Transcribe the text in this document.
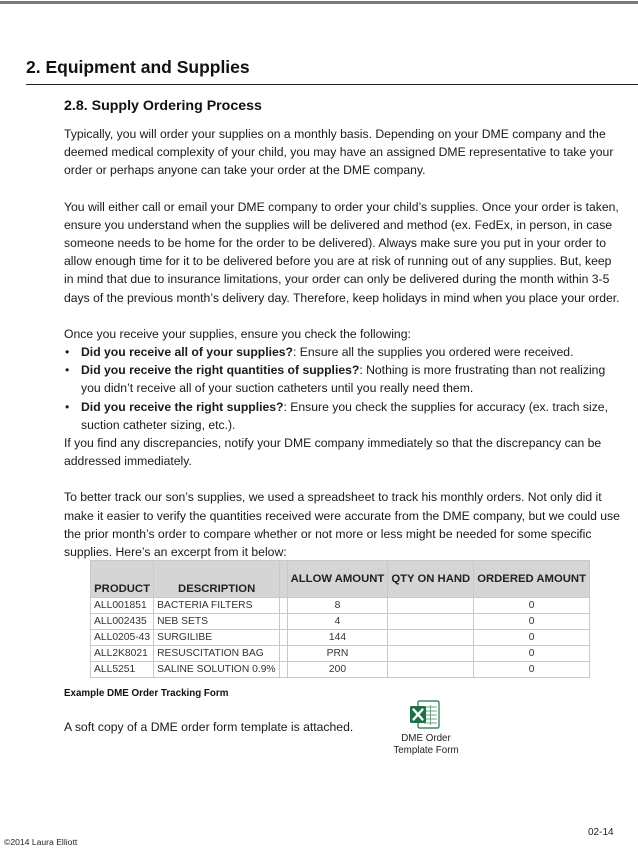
2. Equipment and Supplies
2.8. Supply Ordering Process

Typically, you will order your supplies on a monthly basis. Depending on your DME company and the deemed medical complexity of your child, you may have an assigned DME representative to take your order or perhaps anyone can take your order at the DME company.

You will either call or email your DME company to order your child’s supplies. Once your order is taken, ensure you understand when the supplies will be delivered and method (ex. FedEx, in person, in case someone needs to be home for the order to be delivered). Always make sure you put in your order to allow enough time for it to be delivered before you are at risk of running out of any supplies. But, keep in mind that due to insurance limitations, your order can only be delivered during the month within 3-5 days of the previous month’s delivery day. Therefore, keep holidays in mind when you place your order.

Once you receive your supplies, ensure you check the following:

• Did you receive all of your supplies?: Ensure all the supplies you ordered were received.
• Did you receive the right quantities of supplies?: Nothing is more frustrating than not realizing you didn’t receive all of your suction catheters until you really need them.
• Did you receive the right supplies?: Ensure you check the supplies for accuracy (ex. trach size, suction catheter sizing, etc.).

If you find any discrepancies, notify your DME company immediately so that the discrepancy can be addressed immediately.

To better track our son’s supplies, we used a spreadsheet to track his monthly orders. Not only did it make it easier to verify the quantities received were accurate from the DME company, but we could use the prior month’s order to compare whether or not more or less might be needed for some specific supplies. Here’s an excerpt from it below:

PRODUCT	DESCRIPTION		ALLOW AMOUNT	QTY ON HAND	ORDERED AMOUNT
ALL001851	BACTERIA FILTERS		8		0
ALL002435	NEB SETS		4		0
ALL0205-43	SURGILIBE		144		0
ALL2K8021	RESUSCITATION BAG		PRN		0
ALL5251	SALINE SOLUTION 0.9%		200		0
Example DME Order Tracking Form
A soft copy of a DME order form template is attached.
DME Order
Template Form
02-14
©2014 Laura Elliott
